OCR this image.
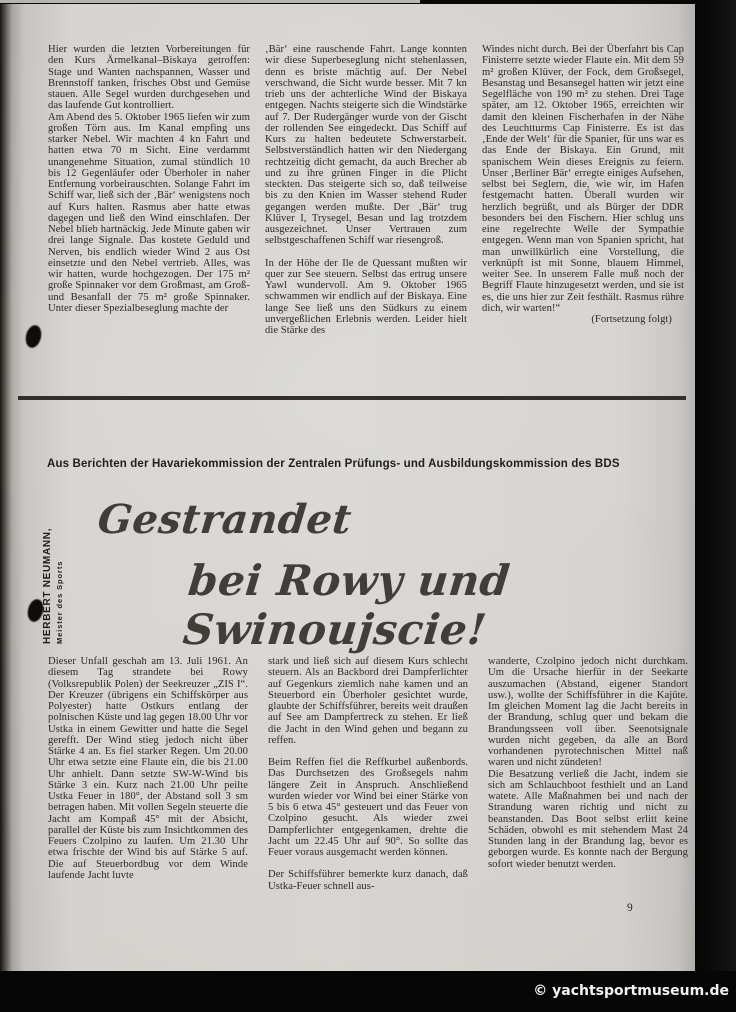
Hier wurden die letzten Vorbereitungen für den Kurs Ärmelkanal–Biskaya getroffen: Stage und Wanten nachspannen, Wasser und Brennstoff tanken, frisches Obst und Gemüse stauen. Alle Segel wurden durchgesehen und das laufende Gut kontrolliert.

Am Abend des 5. Oktober 1965 liefen wir zum großen Törn aus. Im Kanal empfing uns starker Nebel. Wir machten 4 kn Fahrt und hatten etwa 70 m Sicht. Eine verdammt unangenehme Situation, zumal stündlich 10 bis 12 Gegenläufer oder Überholer in naher Entfernung vorbeirauschten. Solange Fahrt im Schiff war, ließ sich der ‚Bär‘ wenigstens noch auf Kurs halten. Rasmus aber hatte etwas dagegen und ließ den Wind einschlafen. Der Nebel blieb hartnäckig. Jede Minute gaben wir drei lange Signale. Das kostete Geduld und Nerven, bis endlich wieder Wind 2 aus Ost einsetzte und den Nebel vertrieb. Alles, was wir hatten, wurde hochgezogen. Der 175 m² große Spinnaker vor dem Großmast, am Groß- und Besanfall der 75 m² große Spinnaker. Unter dieser Spezialbeseglung machte der

‚Bär‘ eine rauschende Fahrt. Lange konnten wir diese Superbeseglung nicht stehenlassen, denn es briste mächtig auf. Der Nebel verschwand, die Sicht wurde besser. Mit 7 kn trieb uns der achterliche Wind der Biskaya entgegen. Nachts steigerte sich die Windstärke auf 7. Der Rudergänger wurde von der Gischt der rollenden See eingedeckt. Das Schiff auf Kurs zu halten bedeutete Schwerstarbeit. Selbstverständlich hatten wir den Niedergang rechtzeitig dicht gemacht, da auch Brecher ab und zu ihre grünen Finger in die Plicht steckten. Das steigerte sich so, daß teilweise bis zu den Knien im Wasser stehend Ruder gegangen werden mußte. Der ‚Bär‘ trug Klüver I, Trysegel, Besan und lag trotzdem ausgezeichnet. Unser Vertrauen zum selbstgeschaffenen Schiff war riesengroß.

In der Höhe der Ile de Quessant mußten wir quer zur See steuern. Selbst das ertrug unsere Yawl wundervoll. Am 9. Oktober 1965 schwammen wir endlich auf der Biskaya. Eine lange See ließ uns den Südkurs zu einem unvergeßlichen Erlebnis werden. Leider hielt die Stärke des

Windes nicht durch. Bei der Überfahrt bis Cap Finisterre setzte wieder Flaute ein. Mit dem 59 m² großen Klüver, der Fock, dem Großsegel, Besanstag und Besansegel hatten wir jetzt eine Segelfläche von 190 m² zu stehen. Drei Tage später, am 12. Oktober 1965, erreichten wir damit den kleinen Fischerhafen in der Nähe des Leuchtturms Cap Finisterre. Es ist das ‚Ende der Welt‘ für die Spanier, für uns war es das Ende der Biskaya. Ein Grund, mit spanischem Wein dieses Ereignis zu feiern. Unser ‚Berliner Bär‘ erregte einiges Aufsehen, selbst bei Seglern, die, wie wir, im Hafen festgemacht hatten. Überall wurden wir herzlich begrüßt, und als Bürger der DDR besonders bei den Fischern. Hier schlug uns eine regelrechte Welle der Sympathie entgegen. Wenn man von Spanien spricht, hat man unwillkürlich eine Vorstellung, die verknüpft ist mit Sonne, blauem Himmel, weiter See. In unserem Falle muß noch der Begriff Flaute hinzugesetzt werden, und sie ist es, die uns hier zur Zeit festhält. Rasmus rühre dich, wir warten!“

(Fortsetzung folgt)

Aus Berichten der Havariekommission der Zentralen Prüfungs- und Ausbildungskommission des BDS
HERBERT NEUMANN, Meister des Sports
Gestrandet
bei Rowy und Swinoujscie!

Dieser Unfall geschah am 13. Juli 1961. An diesem Tag strandete bei Rowy (Volksrepublik Polen) der Seekreuzer „ZIS I“. Der Kreuzer (übrigens ein Schiffskörper aus Polyester) hatte Ostkurs entlang der polnischen Küste und lag gegen 18.00 Uhr vor Ustka in einem Gewitter und hatte die Segel gerefft. Der Wind stieg jedoch nicht über Stärke 4 an. Es fiel starker Regen. Um 20.00 Uhr etwa setzte eine Flaute ein, die bis 21.00 Uhr anhielt. Dann setzte SW-W-Wind bis Stärke 3 ein. Kurz nach 21.00 Uhr peilte Ustka Feuer in 180°, der Abstand soll 3 sm betragen haben. Mit vollen Segeln steuerte die Jacht am Kompaß 45° mit der Absicht, parallel der Küste bis zum Insichtkommen des Feuers Czolpino zu laufen. Um 21.30 Uhr etwa frischte der Wind bis auf Stärke 5 auf. Die auf Steuerbordbug vor dem Winde laufende Jacht luvte

stark und ließ sich auf diesem Kurs schlecht steuern. Als an Backbord drei Dampferlichter auf Gegenkurs ziemlich nahe kamen und an Steuerbord ein Überholer gesichtet wurde, glaubte der Schiffsführer, bereits weit draußen auf See am Dampfertreck zu stehen. Er ließ die Jacht in den Wind gehen und begann zu reffen.

Beim Reffen fiel die Reffkurbel außenbords. Das Durchsetzen des Großsegels nahm längere Zeit in Anspruch. Anschließend wurden wieder vor Wind bei einer Stärke von 5 bis 6 etwa 45° gesteuert und das Feuer von Czolpino gesucht. Als wieder zwei Dampferlichter entgegenkamen, drehte die Jacht um 22.45 Uhr auf 90°. So sollte das Feuer voraus ausgemacht werden können.

Der Schiffsführer bemerkte kurz danach, daß Ustka-Feuer schnell aus-

wanderte, Czolpino jedoch nicht durchkam. Um die Ursache hierfür in der Seekarte auszumachen (Abstand, eigener Standort usw.), wollte der Schiffsführer in die Kajüte. Im gleichen Moment lag die Jacht bereits in der Brandung, schlug quer und bekam die Brandungsseen voll über. Seenotsignale wurden nicht gegeben, da alle an Bord vorhandenen pyrotechnischen Mittel naß waren und nicht zündeten!

Die Besatzung verließ die Jacht, indem sie sich am Schlauchboot festhielt und an Land watete. Alle Maßnahmen bei und nach der Strandung waren richtig und nicht zu beanstanden. Das Boot selbst erlitt keine Schäden, obwohl es mit stehendem Mast 24 Stunden lang in der Brandung lag, bevor es geborgen wurde. Es konnte nach der Bergung sofort wieder benutzt werden.

9
© yachtsportmuseum.de
